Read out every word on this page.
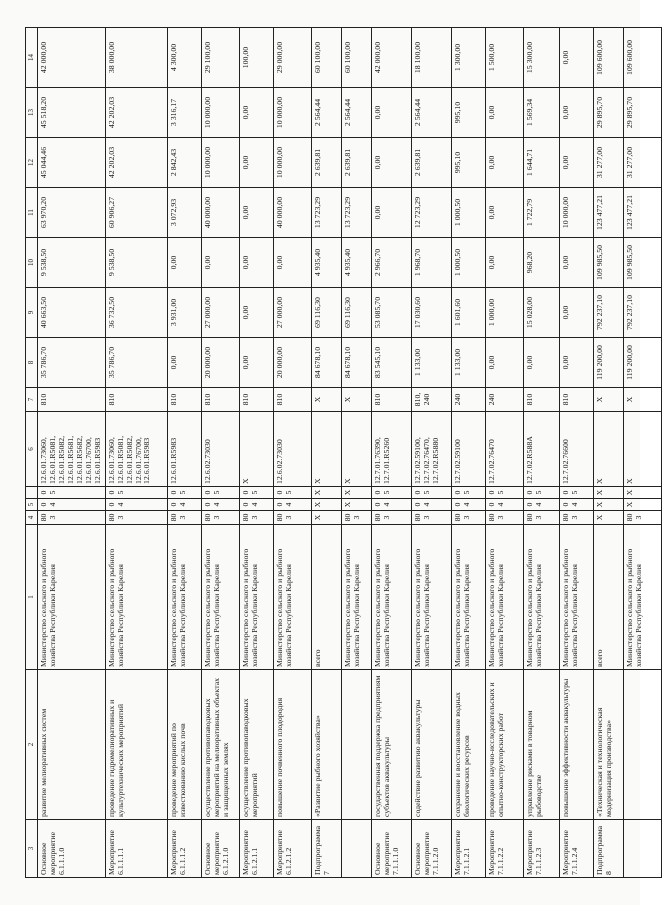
3	2	1	4	5		6	7	8	9	10	11	12	13	14
Основное мероприятие 6.1.1.1.0	развитие мелиоративных систем	Министерство сельского и рыбного хозяйства Республики Карелия	803	04	05	12.6.01.73060, 12.6.01.R5081, 12.6.01.R5082, 12.6.01.R5681, 12.6.01.R5682, 12.6.01.76700, 12.6.01.R5983	810	35 786,70	40 663,50	9 538,50	63 970,20	45 044,46	45 518,20	42 000,00
Мероприятие 6.1.1.1.1	проведение гидромелиоративных и культуртехнических мероприятий	Министерство сельского и рыбного хозяйства Республики Карелия	803	04	05	12.6.01.73060, 12.6.01.R5081, 12.6.01.R5082, 12.6.01.76700, 12.6.01.R5983	810	35 786,70	36 732,50	9 538,50	60 906,27	42 202,03	42 202,03	38 000,00
Мероприятие 6.1.1.1.2	проведение мероприятий по известкованию кислых почв	Министерство сельского и рыбного хозяйства Республики Карелия	803	04	05	12.6.01.R5983	810	0,00	3 931,00	0,00	3 072,93	2 842,43	3 316,17	4 300,00
Основное мероприятие 6.1.2.1.0	осуществление противопаводковых мероприятий на мелиоративных объектах и защищенных землях	Министерство сельского и рыбного хозяйства Республики Карелия	803	04	05	12.6.02.73030	810	20 000,00	27 000,00	0,00	40 000,00	10 000,00	10 000,00	29 100,00
Мероприятие 6.1.2.1.1	осуществление противопаводковых мероприятий	Министерство сельского и рыбного хозяйства Республики Карелия	803	04	05	X	810	0,00	0,00	0,00	0,00	0,00	0,00	100,00
Мероприятие 6.1.2.1.2	повышение почвенного плодородия	Министерство сельского и рыбного хозяйства Республики Карелия	803	04	05	12.6.02.73030	810	20 000,00	27 000,00	0,00	40 000,00	10 000,00	10 000,00	29 000,00
Подпрограмма 7	«Развитие рыбного хозяйства»	всего	X	X	X	X	X	84 678,10	69 116,30	4 935,40	13 723,29	2 639,81	2 564,44	60 100,00
		Министерство сельского и рыбного хозяйства Республики Карелия	803	X	X	X	X	84 678,10	69 116,30	4 935,40	13 723,29	2 639,81	2 564,44	60 100,00
Основное мероприятие 7.1.1.1.0	государственная поддержка предприятиям субъектов аквакультуры	Министерство сельского и рыбного хозяйства Республики Карелия	803	04	05	12.7.01.76390, 12.7.01.R5260	810	83 545,10	53 085,70	2 966,70	0,00	0,00	0,00	42 000,00
Основное мероприятие 7.1.1.2.0	содействие развитию аквакультуры	Министерство сельского и рыбного хозяйства Республики Карелия	803	04	05	12.7.02.59100, 12.7.02.76470, 12.7.02.R5880	810, 240	1 133,00	17 030,60	1 968,70	12 723,29	2 639,81	2 564,44	18 100,00
Мероприятие 7.1.1.2.1	сохранение и восстановление водных биологических ресурсов	Министерство сельского и рыбного хозяйства Республики Карелия	803	04	05	12.7.02.59100	240	1 133,00	1 601,60	1 000,50	1 000,50	995,10	995,10	1 300,00
Мероприятие 7.1.1.2.2	проведение научно-исследовательских и опытно-конструкторских работ	Министерство сельского и рыбного хозяйства Республики Карелия	803	04	05	12.7.02.76470	240	0,00	1 000,00	0,00	0,00	0,00	0,00	1 500,00
Мероприятие 7.1.1.2.3	управление рисками в товарном рыбоводстве	Министерство сельского и рыбного хозяйства Республики Карелия	803	04	05	12.7.02.R588A	810	0,00	15 028,00	968,20	1 722,79	1 644,71	1 569,34	15 300,00
Мероприятие 7.1.1.2.4	повышение эффективности аквакультуры	Министерство сельского и рыбного хозяйства Республики Карелия	803	04	05	12.7.02.76600	810	0,00	0,00	0,00	10 000,00	0,00	0,00	0,00
Подпрограмма 8	«Техническая и технологическая модернизация производства»	всего	X	X	X	X	X	119 200,00	792 237,10	109 985,50	123 477,21	31 277,00	29 895,70	109 600,00
		Министерство сельского и рыбного хозяйства Республики Карелия	803	X	X	X	X	119 200,00	792 237,10	109 985,50	123 477,21	31 277,00	29 895,70	109 600,00
